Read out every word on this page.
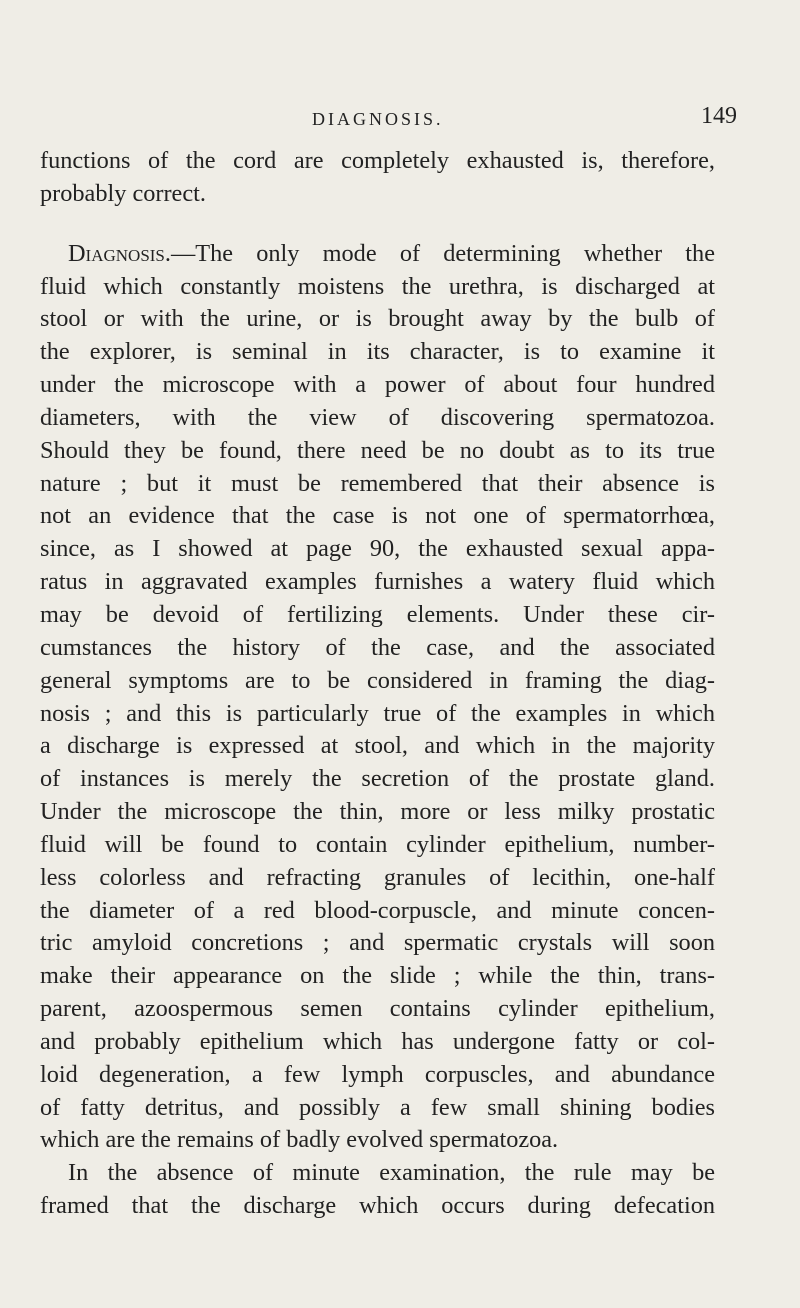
DIAGNOSIS.	149
functions of the cord are completely exhausted is, therefore,
probably correct.
Diagnosis.—The only mode of determining whether the
fluid which constantly moistens the urethra, is discharged at
stool or with the urine, or is brought away by the bulb of
the explorer, is seminal in its character, is to examine it
under the microscope with a power of about four hundred
diameters, with the view of discovering spermatozoa.
Should they be found, there need be no doubt as to its true
nature ; but it must be remembered that their absence is
not an evidence that the case is not one of spermatorrhœa,
since, as I showed at page 90, the exhausted sexual appa-
ratus in aggravated examples furnishes a watery fluid which
may be devoid of fertilizing elements. Under these cir-
cumstances the history of the case, and the associated
general symptoms are to be considered in framing the diag-
nosis ; and this is particularly true of the examples in which
a discharge is expressed at stool, and which in the majority
of instances is merely the secretion of the prostate gland.
Under the microscope the thin, more or less milky prostatic
fluid will be found to contain cylinder epithelium, number-
less colorless and refracting granules of lecithin, one-half
the diameter of a red blood-corpuscle, and minute concen-
tric amyloid concretions ; and spermatic crystals will soon
make their appearance on the slide ; while the thin, trans-
parent, azoospermous semen contains cylinder epithelium,
and probably epithelium which has undergone fatty or col-
loid degeneration, a few lymph corpuscles, and abundance
of fatty detritus, and possibly a few small shining bodies
which are the remains of badly evolved spermatozoa.
In the absence of minute examination, the rule may be
framed that the discharge which occurs during defecation
